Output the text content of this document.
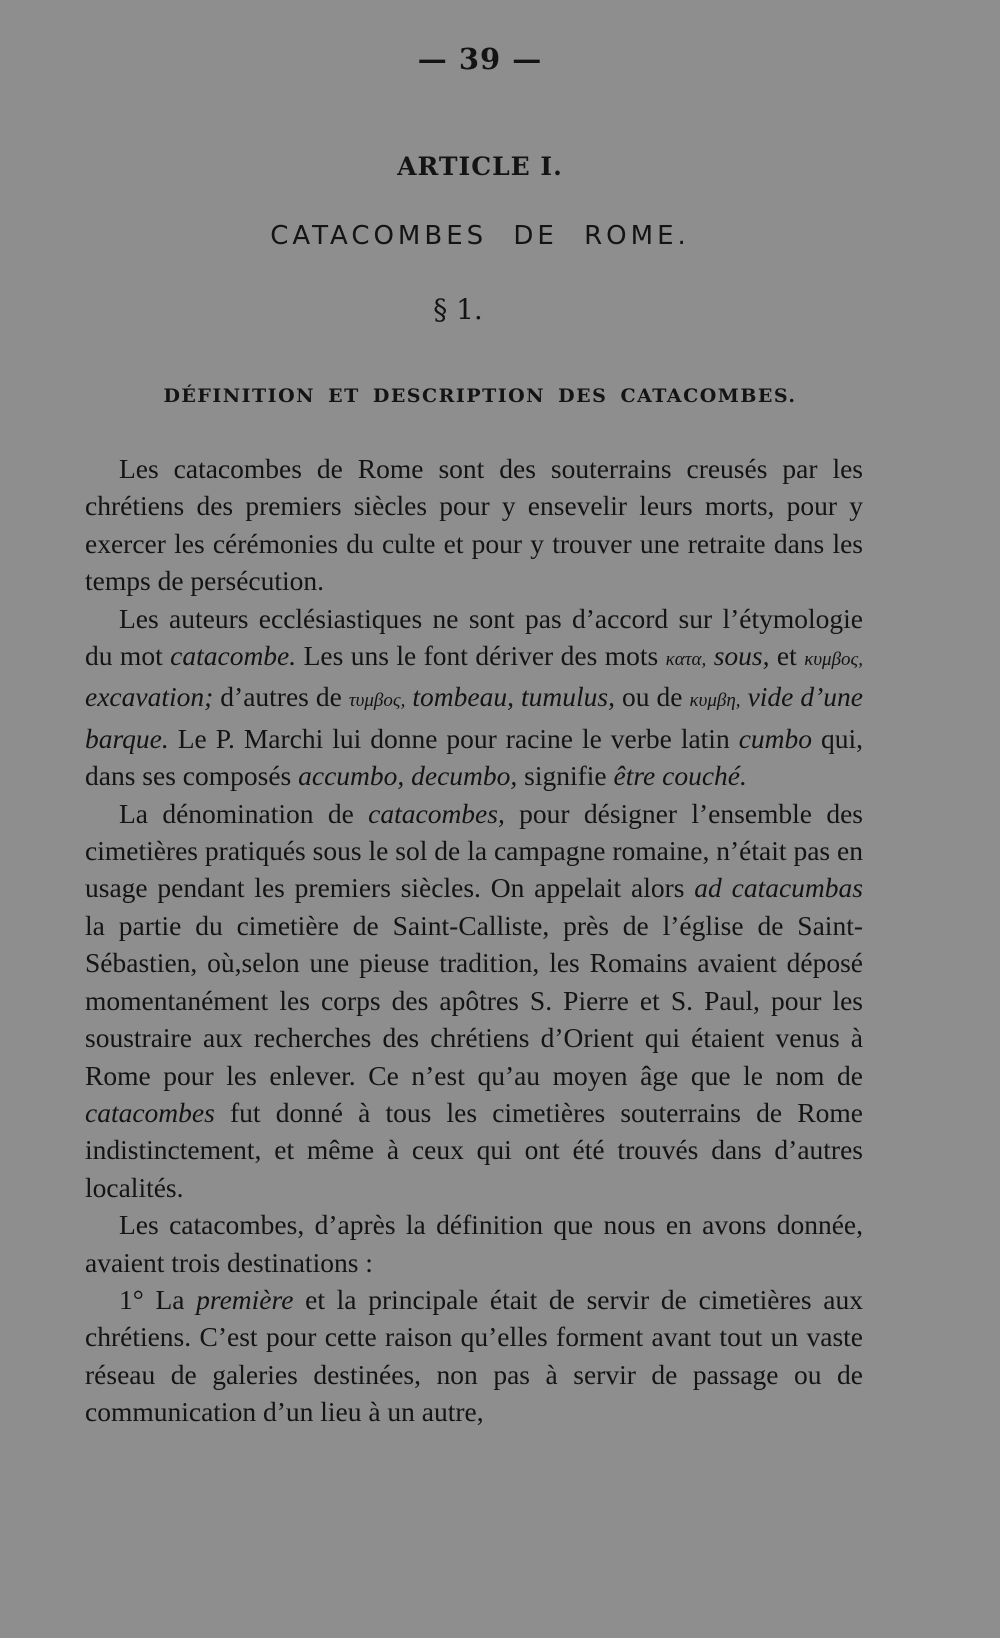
— 39 —
ARTICLE I.
CATACOMBES DE ROME.
§ 1.
DÉFINITION ET DESCRIPTION DES CATACOMBES.

Les catacombes de Rome sont des souterrains creusés par les chrétiens des premiers siècles pour y ensevelir leurs morts, pour y exercer les cérémonies du culte et pour y trouver une retraite dans les temps de persécution.

Les auteurs ecclésiastiques ne sont pas d’accord sur l’étymologie du mot catacombe. Les uns le font dériver des mots κατα, sous, et κυμβος, excavation; d’autres de τυμβος, tombeau, tumulus, ou de κυμβη, vide d’une barque. Le P. Marchi lui donne pour racine le verbe latin cumbo qui, dans ses composés accumbo, decumbo, signifie être couché.

La dénomination de catacombes, pour désigner l’ensemble des cimetières pratiqués sous le sol de la campagne romaine, n’était pas en usage pendant les premiers siècles. On appelait alors ad catacumbas la partie du cimetière de Saint-Calliste, près de l’église de Saint-Sébastien, où,selon une pieuse tradition, les Romains avaient déposé momentanément les corps des apôtres S. Pierre et S. Paul, pour les soustraire aux recherches des chrétiens d’Orient qui étaient venus à Rome pour les enlever. Ce n’est qu’au moyen âge que le nom de catacombes fut donné à tous les cimetières souterrains de Rome indistinctement, et même à ceux qui ont été trouvés dans d’autres localités.

Les catacombes, d’après la définition que nous en avons donnée, avaient trois destinations :

1° La première et la principale était de servir de cimetières aux chrétiens. C’est pour cette raison qu’elles forment avant tout un vaste réseau de galeries destinées, non pas à servir de passage ou de communication d’un lieu à un autre,
